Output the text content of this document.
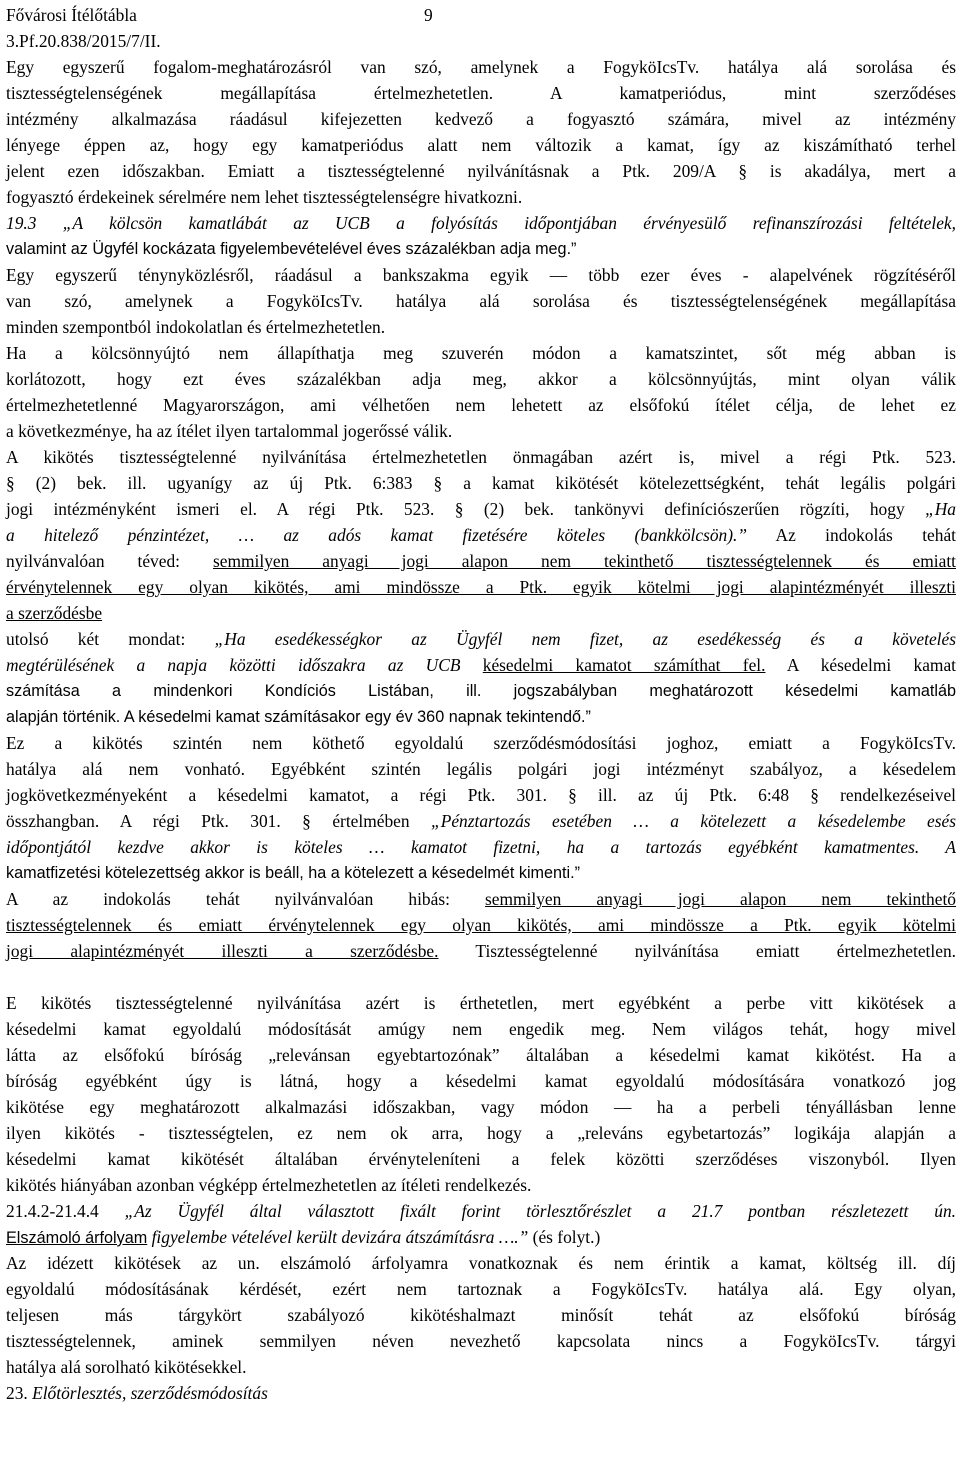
Fővárosi Ítélőtábla	9
3.Pf.20.838/2015/7/II.
Egy egyszerű fogalom-meghatározásról van szó, amelynek a FogyköIcsTv. hatálya alá sorolása és
tisztességtelenségének megállapítása értelmezhetetlen. A kamatperiódus, mint szerződéses
intézmény alkalmazása ráadásul kifejezetten kedvező a fogyasztó számára, mivel az intézmény
lényege éppen az, hogy egy kamatperiódus alatt nem változik a kamat, így az kiszámítható terhel
jelent ezen időszakban. Emiatt a tisztességtelenné nyilvánításnak a Ptk. 209/A § is akadálya, mert a
fogyasztó érdekeinek sérelmére nem lehet tisztességtelenségre hivatkozni.
19.3 „A kölcsön kamatlábát az UCB a folyósítás időpontjában érvényesülő refinanszírozási feltételek,
valamint az Ügyfél kockázata figyelembevételével éves százalékban adja meg.”
Egy egyszerű ténynyközlésről, ráadásul a bankszakma egyik — több ezer éves - alapelvének rögzítéséről
van szó, amelynek a FogyköIcsTv. hatálya alá sorolása és tisztességtelenségének megállapítása
minden szempontból indokolatlan és értelmezhetetlen.
Ha a kölcsönnyújtó nem állapíthatja meg szuverén módon a kamatszintet, sőt még abban is
korlátozott, hogy ezt éves százalékban adja meg, akkor a kölcsönnyújtás, mint olyan válik
értelmezhetetlenné Magyarországon, ami vélhetően nem lehetett az elsőfokú ítélet célja, de lehet ez
a következménye, ha az ítélet ilyen tartalommal jogerőssé válik.
A kikötés tisztességtelenné nyilvánítása értelmezhetetlen önmagában azért is, mivel a régi Ptk. 523.
§ (2) bek. ill. ugyanígy az új Ptk. 6:383 § a kamat kikötését kötelezettségként, tehát legális polgári
jogi intézményként ismeri el. A régi Ptk. 523. § (2) bek. tankönyvi definíciószerűen rögzíti, hogy „Ha
a hitelező pénzintézet, … az adós kamat fizetésére köteles (bankkölcsön).” Az indokolás tehát
nyilvánvalóan téved: semmilyen anyagi jogi alapon nem tekinthető tisztességtelennek és emiatt
érvénytelennek egy olyan kikötés, ami mindössze a Ptk. egyik kötelmi jogi alapintézményét illeszti
a szerződésbe
utolsó két mondat: „Ha esedékességkor az Ügyfél nem fizet, az esedékesség és a követelés
megtérülésének a napja közötti időszakra az UCB késedelmi kamatot számíthat fel. A késedelmi kamat
számítása a mindenkori Kondíciós Listában, ill. jogszabályban meghatározott késedelmi kamatláb
alapján történik. A késedelmi kamat számításakor egy év 360 napnak tekintendő.”
Ez a kikötés szintén nem köthető egyoldalú szerződésmódosítási joghoz, emiatt a FogyköIcsTv.
hatálya alá nem vonható. Egyébként szintén legális polgári jogi intézményt szabályoz, a késedelem
jogkövetkezményeként a késedelmi kamatot, a régi Ptk. 301. § ill. az új Ptk. 6:48 § rendelkezéseivel
összhangban. A régi Ptk. 301. § értelmében „Pénztartozás esetében … a kötelezett a késedelembe esés
időpontjától kezdve akkor is köteles … kamatot fizetni, ha a tartozás egyébként kamatmentes. A
kamatfizetési kötelezettség akkor is beáll, ha a kötelezett a késedelmét kimenti.”
A az indokolás tehát nyilvánvalóan hibás: semmilyen anyagi jogi alapon nem tekinthető
tisztességtelennek és emiatt érvénytelennek egy olyan kikötés, ami mindössze a Ptk. egyik kötelmi
jogi alapintézményét illeszti a szerződésbe. Tisztességtelenné nyilvánítása emiatt értelmezhetetlen.
E kikötés tisztességtelenné nyilvánítása azért is érthetetlen, mert egyébként a perbe vitt kikötések a
késedelmi kamat egyoldalú módosítását amúgy nem engedik meg. Nem világos tehát, hogy mivel
látta az elsőfokú bíróság „relevánsan egyebtartozónak” általában a késedelmi kamat kikötést. Ha a
bíróság egyébként úgy is látná, hogy a késedelmi kamat egyoldalú módosítására vonatkozó jog
kikötése egy meghatározott alkalmazási időszakban, vagy módon — ha a perbeli tényállásban lenne
ilyen kikötés - tisztességtelen, ez nem ok arra, hogy a „releváns egybetartozás” logikája alapján a
késedelmi kamat kikötését általában érvényteleníteni a felek közötti szerződéses viszonyból. Ilyen
kikötés hiányában azonban végképp értelmezhetetlen az ítéleti rendelkezés.
21.4.2-21.4.4 „Az Ügyfél által választott fixált forint törlesztőrészlet a 21.7 pontban részletezett ún.
Elszámoló árfolyam figyelembe vételével került devizára átszámításra ….” (és folyt.)
Az idézett kikötések az un. elszámoló árfolyamra vonatkoznak és nem érintik a kamat, költség ill. díj
egyoldalú módosításának kérdését, ezért nem tartoznak a FogyköIcsTv. hatálya alá. Egy olyan,
teljesen más tárgykört szabályozó kikötéshalmazt minősít tehát az elsőfokú bíróság
tisztességtelennek, aminek semmilyen néven nevezhető kapcsolata nincs a FogyköIcsTv. tárgyi
hatálya alá sorolható kikötésekkel.
23. Előtörlesztés, szerződésmódosítás
